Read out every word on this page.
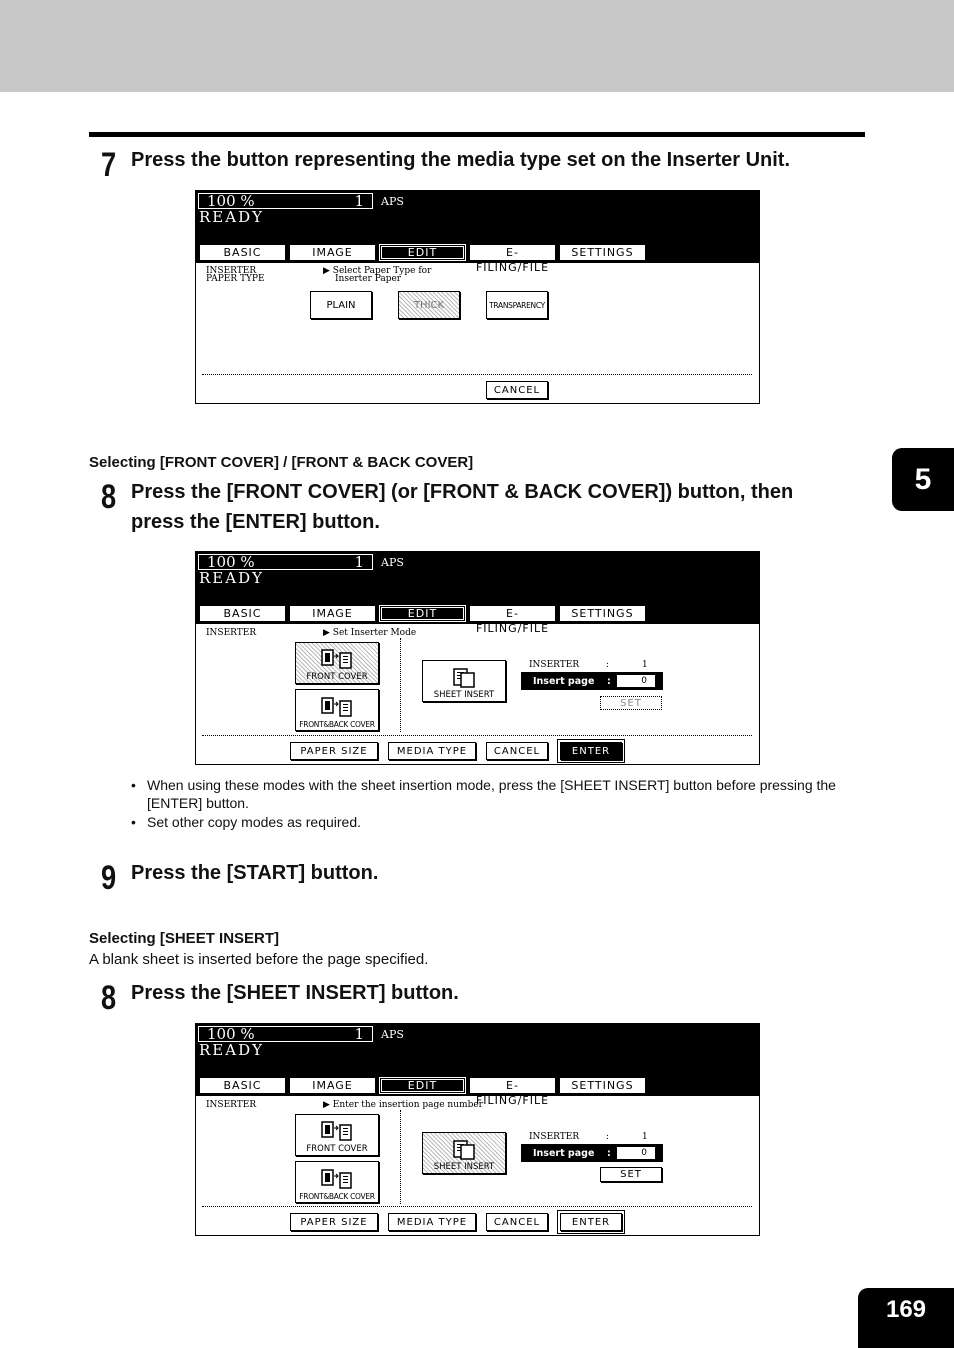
7 Press the button representing the media type set on the Inserter Unit.
100 %	1 APS
READY
BASIC	IMAGE	EDIT	E-FILING/FILE
SETTINGS
INSERTER
PAPER TYPE
▶ Select Paper Type for
Inserter Paper
PLAIN	THICK	TRANSPARENCY
CANCEL
Selecting [FRONT COVER] / [FRONT & BACK COVER]	5
8 Press the [FRONT COVER] (or [FRONT & BACK COVER]) button, then
press the [ENTER] button.
100 %	1 APS
READY
BASIC	IMAGE	EDIT	E-FILING/FILE
SETTINGS
INSERTER	▶ Set Inserter Mode
FRONT COVER
FRONT&BACK COVER
SHEET INSERT
INSERTER	:	1
Insert page :	0
SET
PAPER SIZE	MEDIA TYPE	CANCEL	ENTER
• When using these modes with the sheet insertion mode, press the [SHEET INSERT] button before pressing the [ENTER] button.
• Set other copy modes as required.
9 Press the [START] button.
Selecting [SHEET INSERT]
A blank sheet is inserted before the page specified.
8 Press the [SHEET INSERT] button.
100 %	1 APS
READY
BASIC	IMAGE	EDIT	E-FILING/FILE
SETTINGS
INSERTER	▶ Enter the insertion page number
FRONT COVER
FRONT&BACK COVER
SHEET INSERT
INSERTER	:	1
Insert page :	0
SET
PAPER SIZE	MEDIA TYPE	CANCEL	ENTER
169
